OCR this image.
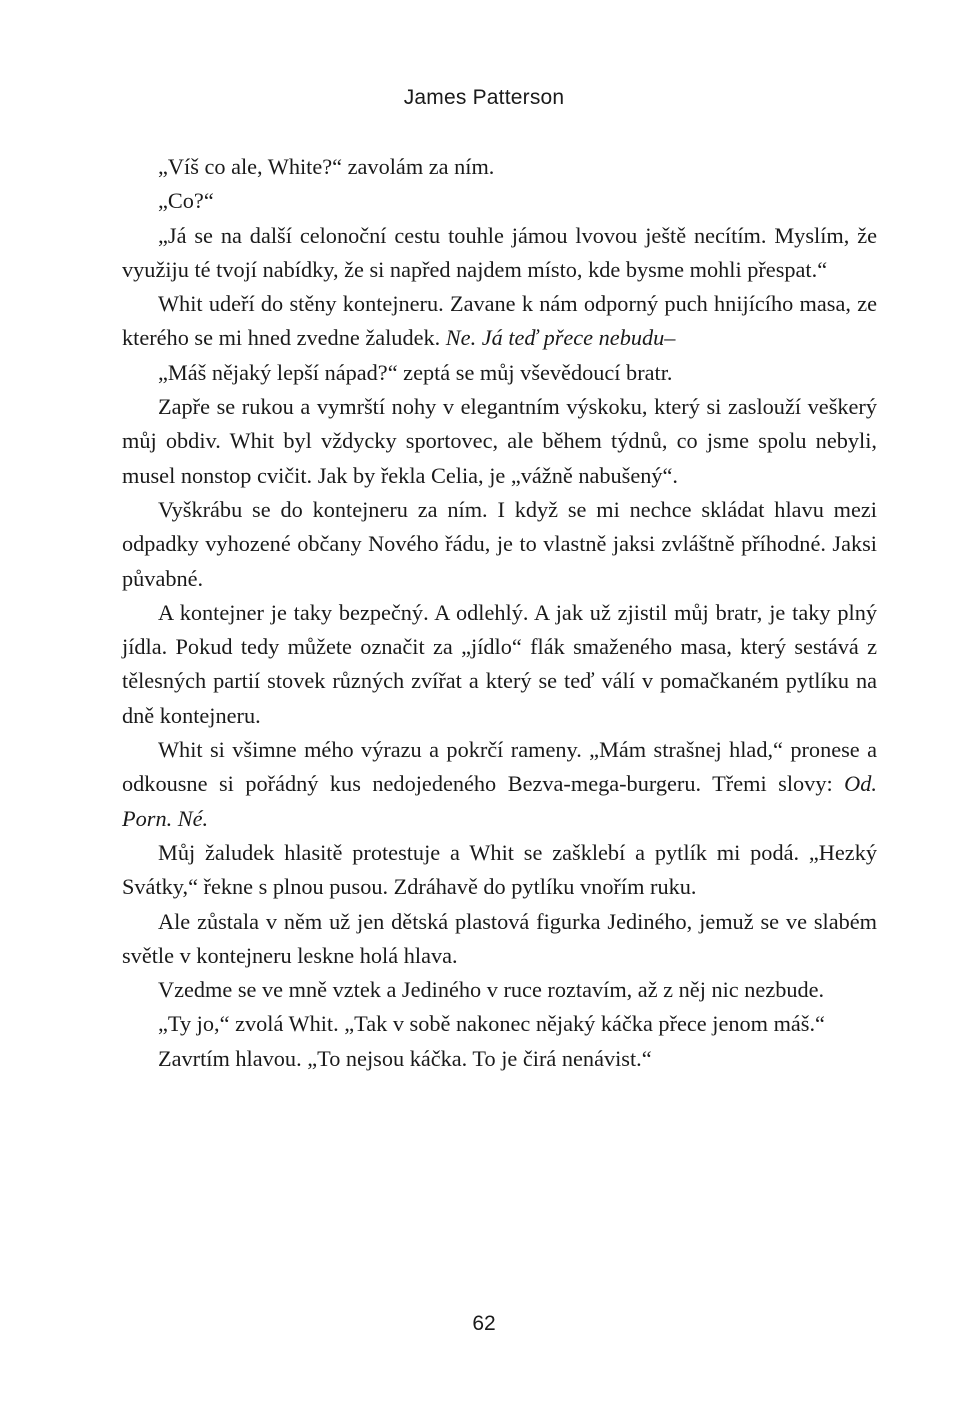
James Patterson

„Víš co ale, White?“ zavolám za ním.

„Co?“

„Já se na další celonoční cestu touhle jámou lvovou ještě necítím. Myslím, že využiju té tvojí nabídky, že si napřed najdem místo, kde bysme mohli přespat.“

Whit udeří do stěny kontejneru. Zavane k nám odporný puch hnijícího masa, ze kterého se mi hned zvedne žaludek. Ne. Já teď přece nebudu–

„Máš nějaký lepší nápad?“ zeptá se můj vševědoucí bratr.

Zapře se rukou a vymrští nohy v elegantním výskoku, který si zaslouží veškerý můj obdiv. Whit byl vždycky sportovec, ale během týdnů, co jsme spolu nebyli, musel nonstop cvičit. Jak by řekla Celia, je „vážně nabušený“.

Vyškrábu se do kontejneru za ním. I když se mi nechce skládat hlavu mezi odpadky vyhozené občany Nového řádu, je to vlastně jaksi zvláštně příhodné. Jaksi půvabné.

A kontejner je taky bezpečný. A odlehlý. A jak už zjistil můj bratr, je taky plný jídla. Pokud tedy můžete označit za „jídlo“ flák smaženého masa, který sestává z tělesných partií stovek různých zvířat a který se teď válí v pomačkaném pytlíku na dně kontejneru.

Whit si všimne mého výrazu a pokrčí rameny. „Mám strašnej hlad,“ pronese a odkousne si pořádný kus nedojedeného Bezva-mega-burgeru. Třemi slovy: Od. Porn. Né.

Můj žaludek hlasitě protestuje a Whit se zašklebí a pytlík mi podá. „Hezký Svátky,“ řekne s plnou pusou. Zdráhavě do pytlíku vnořím ruku.

Ale zůstala v něm už jen dětská plastová figurka Jediného, jemuž se ve slabém světle v kontejneru leskne holá hlava.

Vzedme se ve mně vztek a Jediného v ruce roztavím, až z něj nic nezbude.

„Ty jo,“ zvolá Whit. „Tak v sobě nakonec nějaký káčka přece jenom máš.“

Zavrtím hlavou. „To nejsou káčka. To je čirá nenávist.“

62
